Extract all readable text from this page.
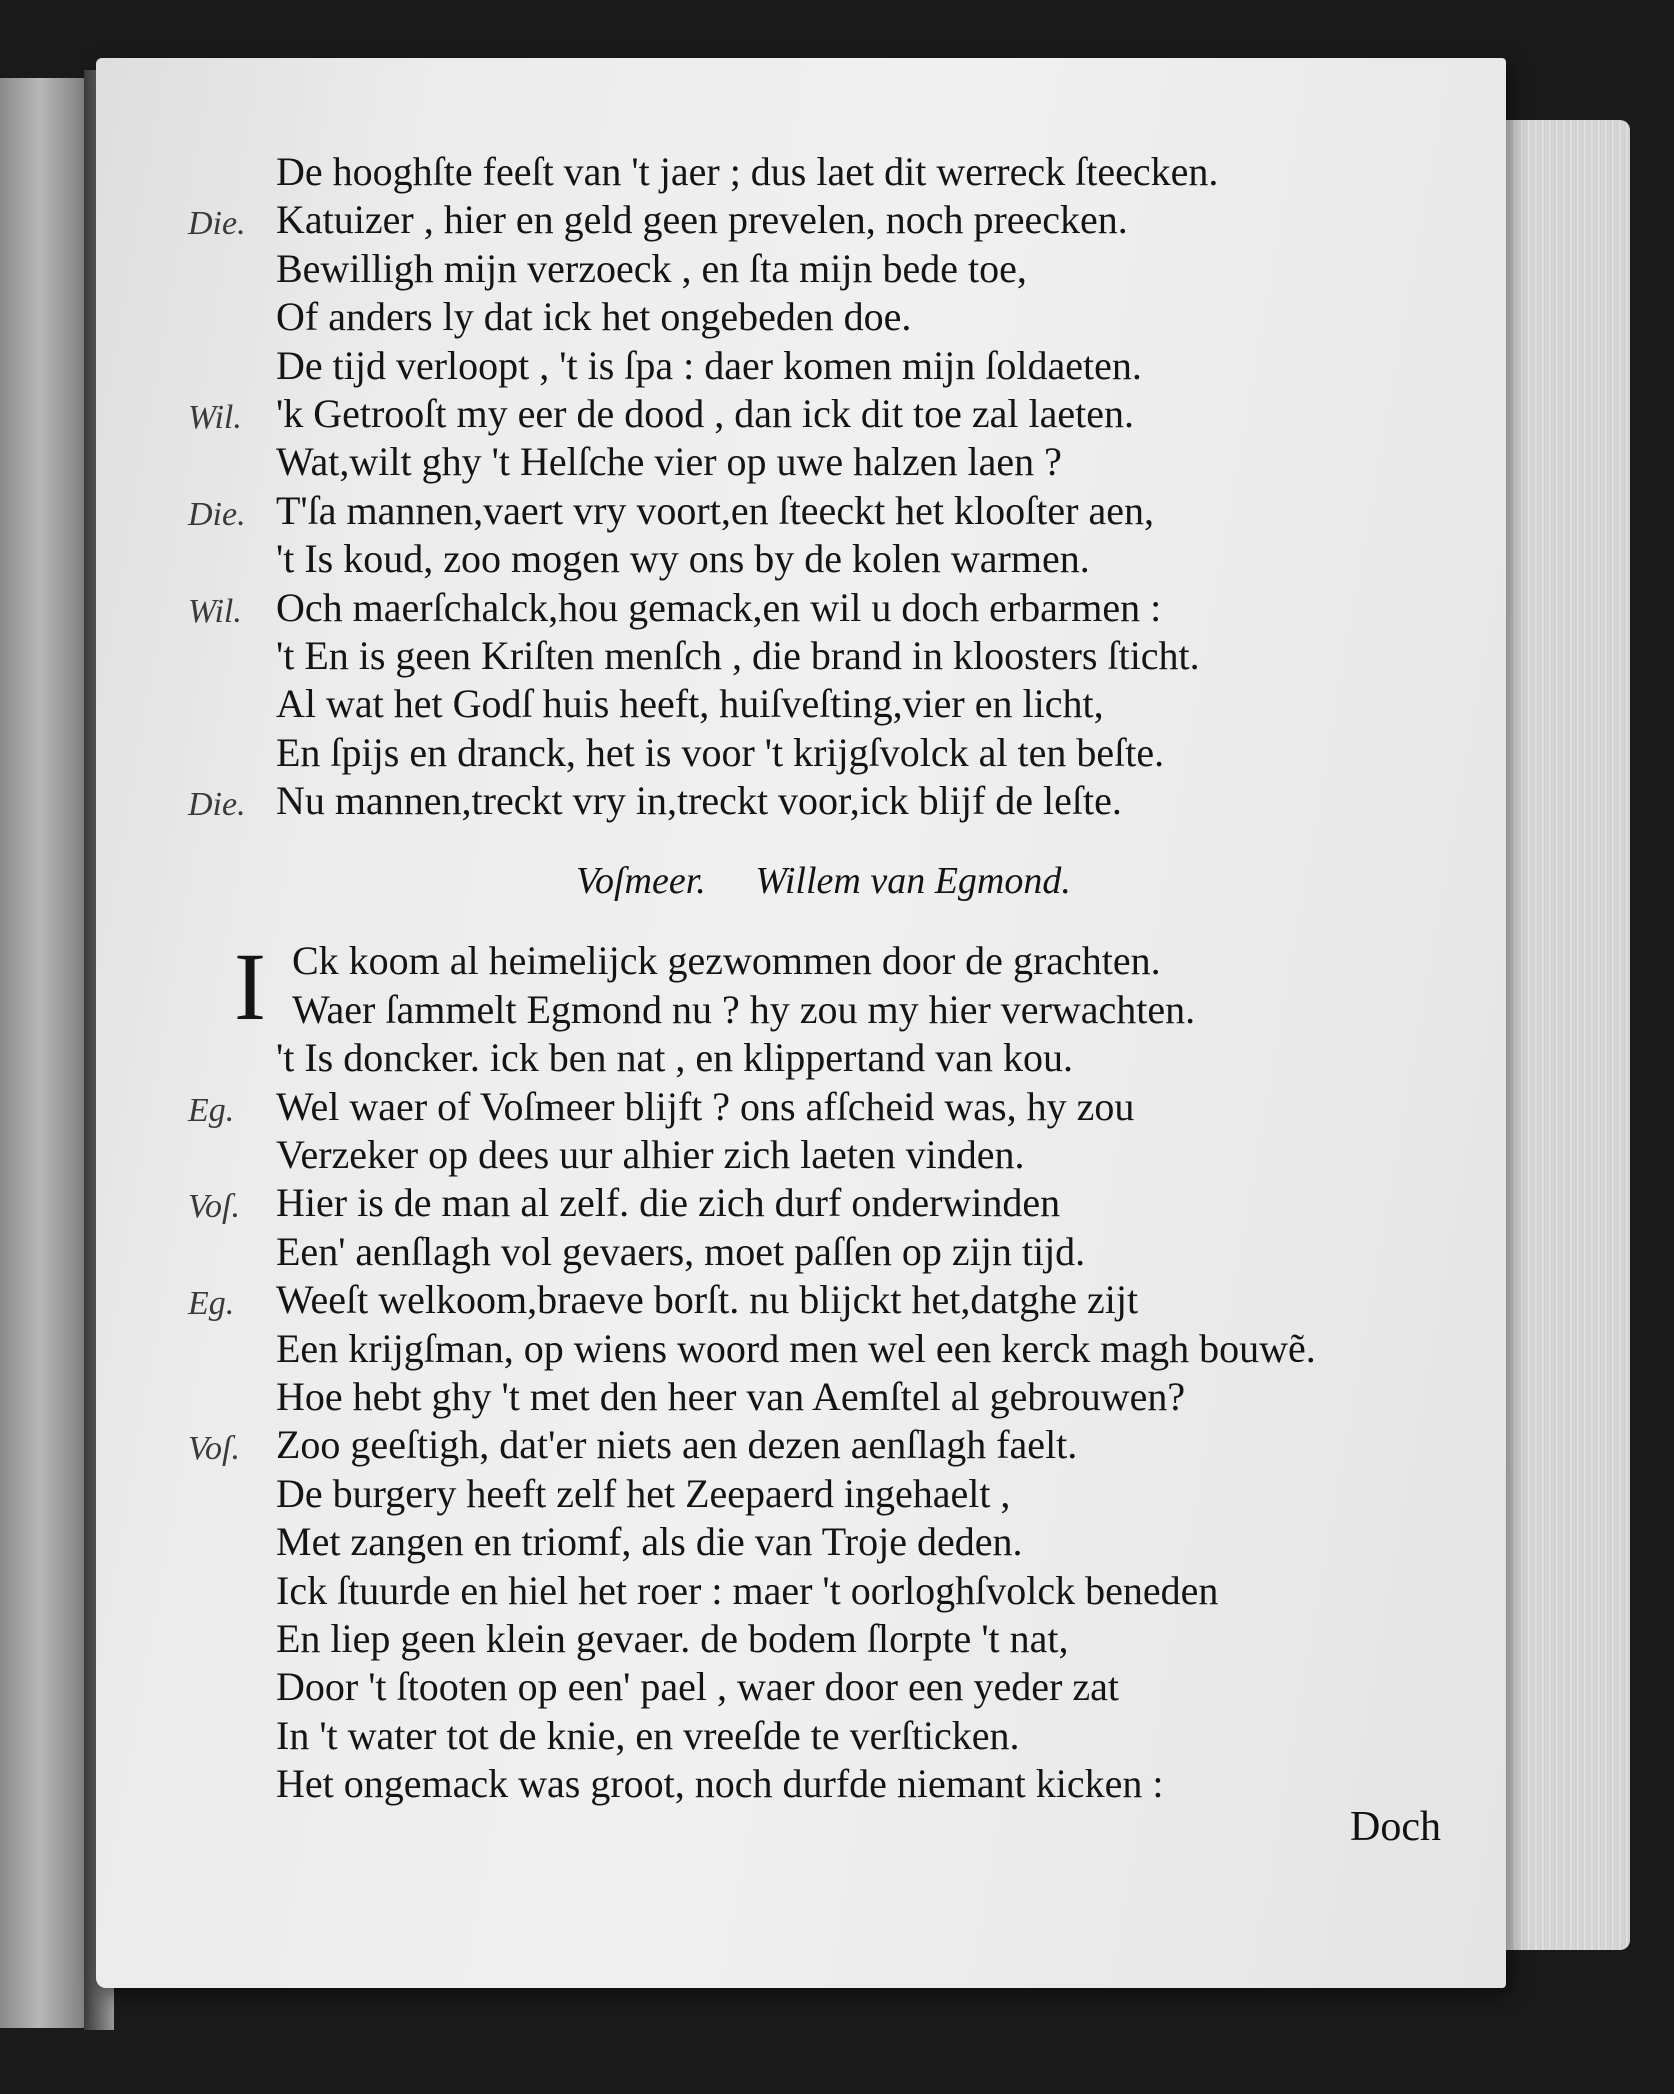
De hooghſte feeſt van 't jaer ; dus laet dit werreck ſteecken.
Die. Katuizer , hier en geld geen prevelen, noch preecken.
Bewilligh mijn verzoeck , en ſta mijn bede toe,
Of anders ly dat ick het ongebeden doe.
De tijd verloopt , 't is ſpa : daer komen mijn ſoldaeten.
Wil. 'k Getrooſt my eer de dood , dan ick dit toe zal laeten.
Wat,wilt ghy 't Helſche vier op uwe halzen laen ?
Die. T'ſa mannen,vaert vry voort,en ſteeckt het klooſter aen,
't Is koud, zoo mogen wy ons by de kolen warmen.
Wil. Och maerſchalck,hou gemack,en wil u doch erbarmen :
't En is geen Kriſten menſch , die brand in kloosters ſticht.
Al wat het Godſ huis heeft, huiſveſting,vier en licht,
En ſpijs en dranck, het is voor 't krijgſvolck al ten beſte.
Die. Nu mannen,treckt vry in,treckt voor,ick blijf de leſte.
Voſmeer. Willem van Egmond.
I Ck koom al heimelijck gezwommen door de grachten.
Waer ſammelt Egmond nu ? hy zou my hier verwachten.
't Is doncker. ick ben nat , en klippertand van kou.
Eg. Wel waer of Voſmeer blijft ? ons afſcheid was, hy zou
Verzeker op dees uur alhier zich laeten vinden.
Voſ. Hier is de man al zelf. die zich durf onderwinden
Een' aenſlagh vol gevaers, moet paſſen op zijn tijd.
Eg. Weeſt welkoom,braeve borſt. nu blijckt het,datghe zijt
Een krijgſman, op wiens woord men wel een kerck magh bouwẽ.
Hoe hebt ghy 't met den heer van Aemſtel al gebrouwen?
Voſ. Zoo geeſtigh, dat'er niets aen dezen aenſlagh faelt.
De burgery heeft zelf het Zeepaerd ingehaelt ,
Met zangen en triomf, als die van Troje deden.
Ick ſtuurde en hiel het roer : maer 't oorloghſvolck beneden
En liep geen klein gevaer. de bodem ſlorpte 't nat,
Door 't ſtooten op een' pael , waer door een yeder zat
In 't water tot de knie, en vreeſde te verſticken.
Het ongemack was groot, noch durfde niemant kicken :
Doch
